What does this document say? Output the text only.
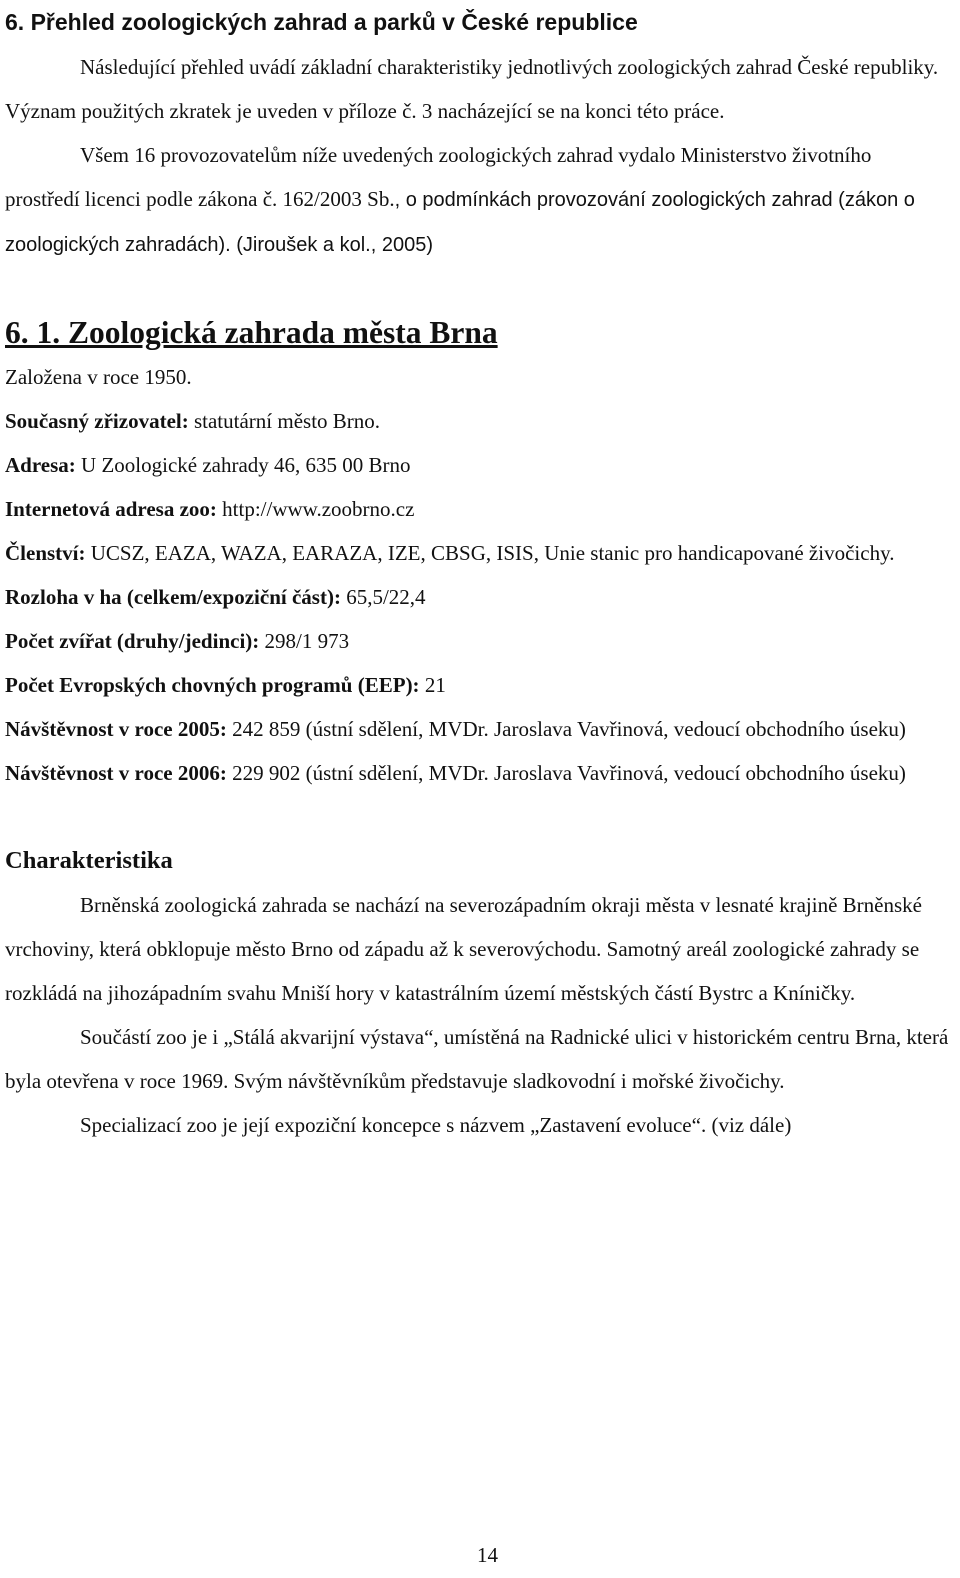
6. Přehled zoologických zahrad a parků v České republice

Následující přehled uvádí základní charakteristiky jednotlivých zoologických zahrad České republiky. Význam použitých zkratek je uveden v příloze č. 3 nacházející se na konci této práce.

Všem 16 provozovatelům níže uvedených zoologických zahrad vydalo Ministerstvo životního prostředí licenci podle zákona č. 162/2003 Sb., o podmínkách provozování zoologických zahrad (zákon o zoologických zahradách). (Jiroušek a kol., 2005)

6. 1. Zoologická zahrada města Brna

Založena v roce 1950.

Současný zřizovatel: statutární město Brno.

Adresa: U Zoologické zahrady 46, 635 00 Brno

Internetová adresa zoo: http://www.zoobrno.cz

Členství: UCSZ, EAZA, WAZA, EARAZA, IZE, CBSG, ISIS, Unie stanic pro handicapované živočichy.

Rozloha v ha (celkem/expoziční část): 65,5/22,4

Počet zvířat (druhy/jedinci): 298/1 973

Počet Evropských chovných programů (EEP): 21

Návštěvnost v roce 2005: 242 859 (ústní sdělení, MVDr. Jaroslava Vavřinová, vedoucí obchodního úseku)

Návštěvnost v roce 2006: 229 902 (ústní sdělení, MVDr. Jaroslava Vavřinová, vedoucí obchodního úseku)

Charakteristika

Brněnská zoologická zahrada se nachází na severozápadním okraji města v lesnaté krajině Brněnské vrchoviny, která obklopuje město Brno od západu až k severovýchodu. Samotný areál zoologické zahrady se rozkládá na jihozápadním svahu Mniší hory v katastrálním území městských částí Bystrc a Kníničky.

Součástí zoo je i „Stálá akvarijní výstava“, umístěná na Radnické ulici v historickém centru Brna, která byla otevřena v roce 1969. Svým návštěvníkům představuje sladkovodní i mořské živočichy.

Specializací zoo je její expoziční koncepce s názvem „Zastavení evoluce“. (viz dále)

14
